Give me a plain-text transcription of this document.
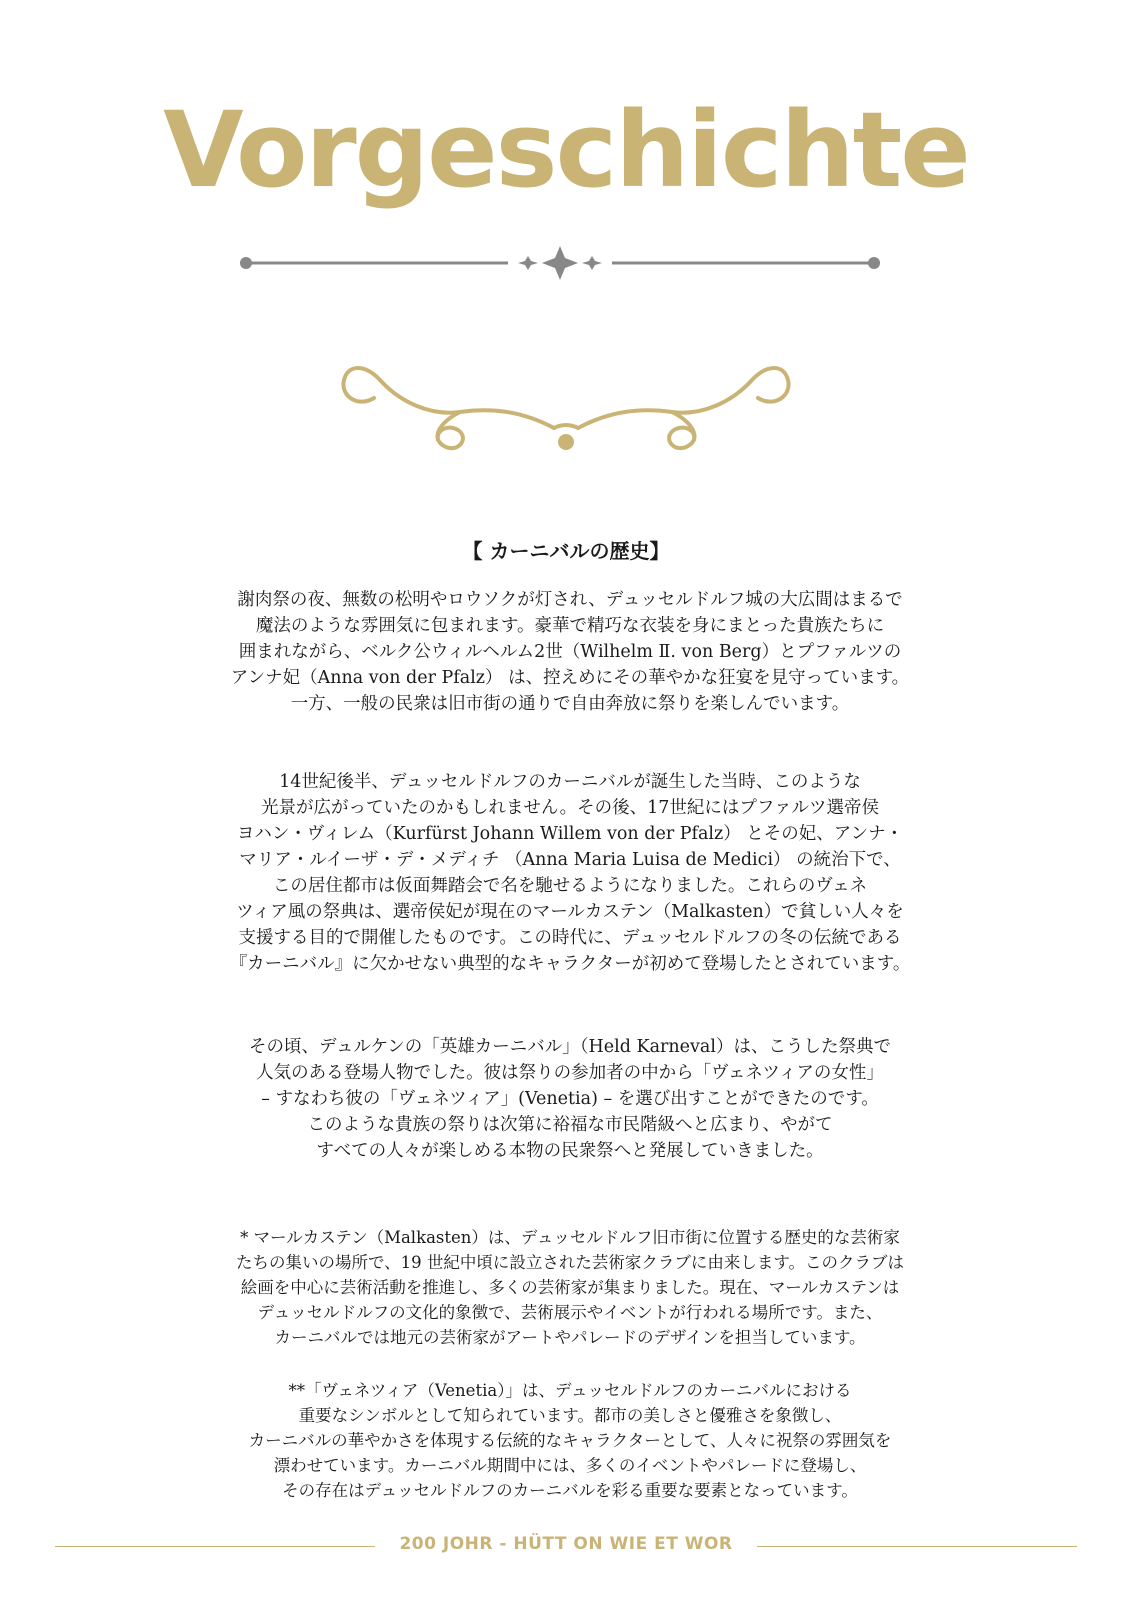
Vorgeschichte
【 カーニバルの歴史】

謝肉祭の夜、無数の松明やロウソクが灯され、デュッセルドルフ城の大広間はまるで
魔法のような雰囲気に包まれます。豪華で精巧な衣装を身にまとった貴族たちに
囲まれながら、ベルク公ウィルヘルム2世（Wilhelm Ⅱ. von Berg）とプファルツの
アンナ妃（Anna von der Pfalz） は、控えめにその華やかな狂宴を見守っています。
一方、一般の民衆は旧市街の通りで自由奔放に祭りを楽しんでいます。

14世紀後半、デュッセルドルフのカーニバルが誕生した当時、このような
光景が広がっていたのかもしれません。その後、17世紀にはプファルツ選帝侯
ヨハン・ヴィレム（Kurfürst Johann Willem von der Pfalz） とその妃、アンナ・
マリア・ルイーザ・デ・メディチ （Anna Maria Luisa de Medici） の統治下で、
この居住都市は仮面舞踏会で名を馳せるようになりました。これらのヴェネ
ツィア風の祭典は、選帝侯妃が現在のマールカステン（Malkasten）で貧しい人々を
支援する目的で開催したものです。この時代に、デュッセルドルフの冬の伝統である
『カーニバル』に欠かせない典型的なキャラクターが初めて登場したとされています。

その頃、デュルケンの「英雄カーニバル」（Held Karneval）は、こうした祭典で
人気のある登場人物でした。彼は祭りの参加者の中から「ヴェネツィアの女性」
– すなわち彼の「ヴェネツィア」(Venetia) – を選び出すことができたのです。
このような貴族の祭りは次第に裕福な市民階級へと広まり、やがて
すべての人々が楽しめる本物の民衆祭へと発展していきました。

* マールカステン（Malkasten）は、デュッセルドルフ旧市街に位置する歴史的な芸術家
たちの集いの場所で、19 世紀中頃に設立された芸術家クラブに由来します。このクラブは
絵画を中心に芸術活動を推進し、多くの芸術家が集まりました。現在、マールカステンは
デュッセルドルフの文化的象徴で、芸術展示やイベントが行われる場所です。また、
カーニバルでは地元の芸術家がアートやパレードのデザインを担当しています。

**「ヴェネツィア（Venetia）」は、デュッセルドルフのカーニバルにおける
重要なシンボルとして知られています。都市の美しさと優雅さを象徴し、
カーニバルの華やかさを体現する伝統的なキャラクターとして、人々に祝祭の雰囲気を
漂わせています。カーニバル期間中には、多くのイベントやパレードに登場し、
その存在はデュッセルドルフのカーニバルを彩る重要な要素となっています。

200 JOHR - HÜTT ON WIE ET WOR
